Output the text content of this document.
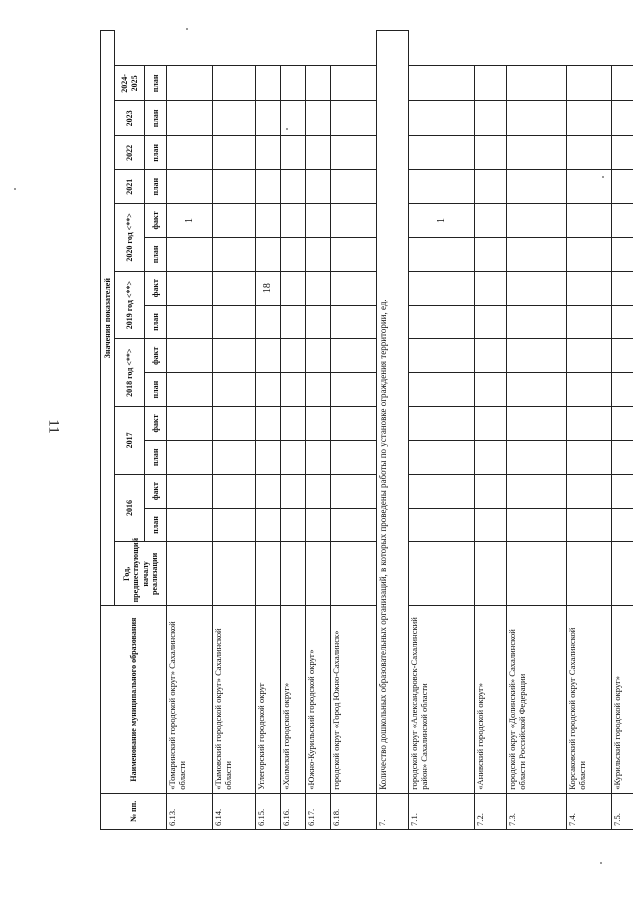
11
№ пп.	Наименование муниципального образования	Значения показателей														
		Год, предшествующий началу реализации	2016		2017		2018 год <**>		2019 год <**>		2020 год <**>		2021	2022	2023	2024-2025
			план	факт	план	факт	план	факт	план	факт	план	факт	план	план	план	план
6.13.	«Томаринский городской округ» Сахалинской области											1				
6.14.	«Тымовский городской округ» Сахалинской области															
6.15.	Углегорский городской округ									18						
6.16.	«Холмский городской округ»															
6.17.	«Южно-Курильский городской округ»															
6.18.	городской округ «Город Южно-Сахалинск»															
7.	Количество дошкольных образовательных организаций, в которых проведены работы по установке ограждения территории, ед.															
7.1.	городской округ «Александровск-Сахалинский район» Сахалинской области											1				
7.2.	«Анивский городской округ»															
7.3.	городской округ «Долинский» Сахалинской области Российской Федерации															
7.4.	Корсаковский городской округ Сахалинской области															
7.5.	«Курильский городской округ»															
